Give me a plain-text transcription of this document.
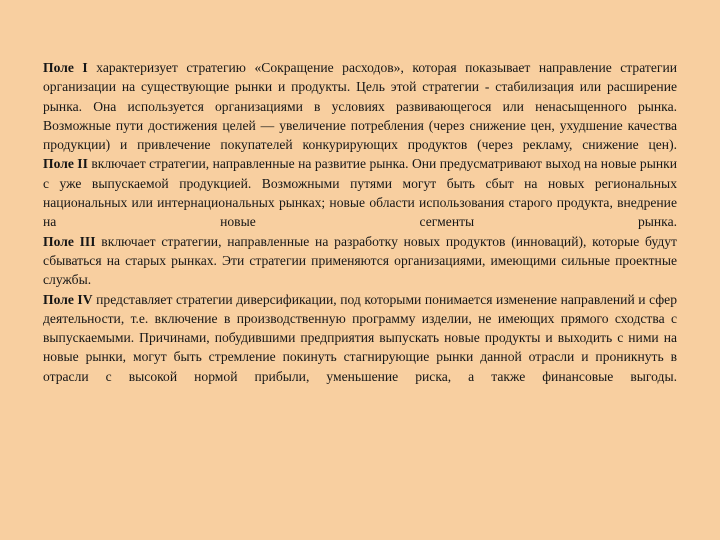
Поле I характеризует стратегию «Сокращение расходов», которая показывает направление стратегии организации на существующие рынки и продукты. Цель этой стратегии - стабилизация или расширение рынка. Она используется организациями в условиях развивающегося или ненасыщенного рынка. Возможные пути достижения целей — увеличение потребления (через снижение цен, ухудшение качества продукции) и привлечение покупателей конкурирующих продуктов (через рекламу, снижение цен).

Поле II включает стратегии, направленные на развитие рынка. Они предусматривают выход на новые рынки с уже выпускаемой продукцией. Возможными путями могут быть сбыт на новых региональных национальных или интернациональных рынках; новые области использования старого продукта, внедрение на новые сегменты рынка.

Поле III включает стратегии, направленные на разработку новых продуктов (инноваций), которые будут сбываться на старых рынках. Эти стратегии применяются организациями, имеющими сильные проектные службы.

Поле IV представляет стратегии диверсификации, под которыми понимается изменение направлений и сфер деятельности, т.е. включение в производственную программу изделии, не имеющих прямого сходства с выпускаемыми. Причинами, побудившими предприятия выпускать новые продукты и выходить с ними на новые рынки, могут быть стремление покинуть стагнирующие рынки данной отрасли и проникнуть в отрасли с высокой нормой прибыли, уменьшение риска, а также финансовые выгоды.
